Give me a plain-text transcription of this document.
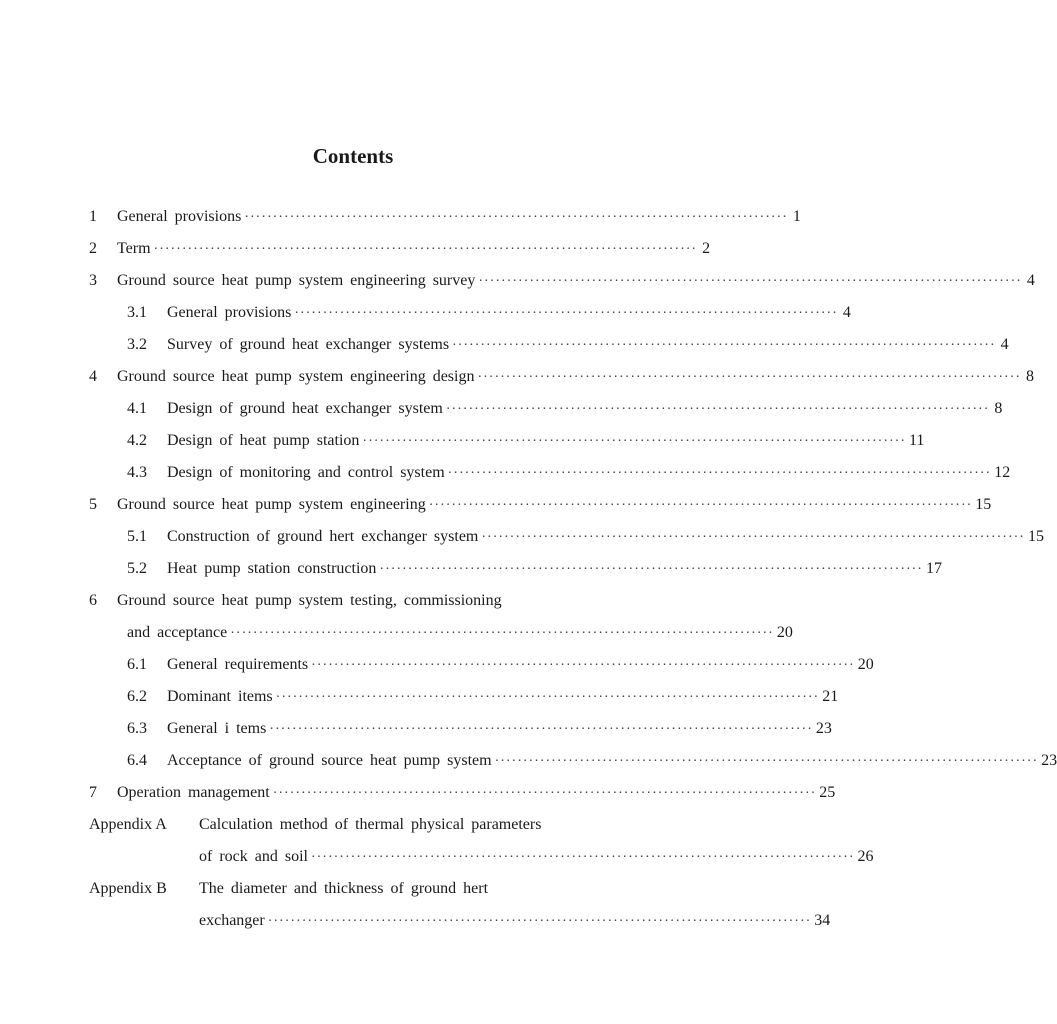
Contents
1	General provisions ································································································ 1
2	Term ································································································ 2
3	Ground source heat pump system engineering survey ································································································ 4
3.1	General provisions ································································································ 4
3.2	Survey of ground heat exchanger systems ································································································ 4
4	Ground source heat pump system engineering design ································································································ 8
4.1	Design of ground heat exchanger system ································································································ 8
4.2	Design of heat pump station ································································································ 11
4.3	Design of monitoring and control system ································································································ 12
5	Ground source heat pump system engineering ································································································ 15
5.1	Construction of ground hert exchanger system ································································································ 15
5.2	Heat pump station construction ································································································ 17
6	Ground source heat pump system testing, commissioning
and acceptance ································································································ 20
6.1	General requirements ································································································ 20
6.2	Dominant items ································································································ 21
6.3	General i tems ································································································ 23
6.4	Acceptance of ground source heat pump system ································································································ 23
7	Operation management ································································································ 25
Appendix A	Calculation method of thermal physical parameters
of rock and soil ································································································ 26
Appendix B	The diameter and thickness of ground hert
exchanger ································································································ 34
